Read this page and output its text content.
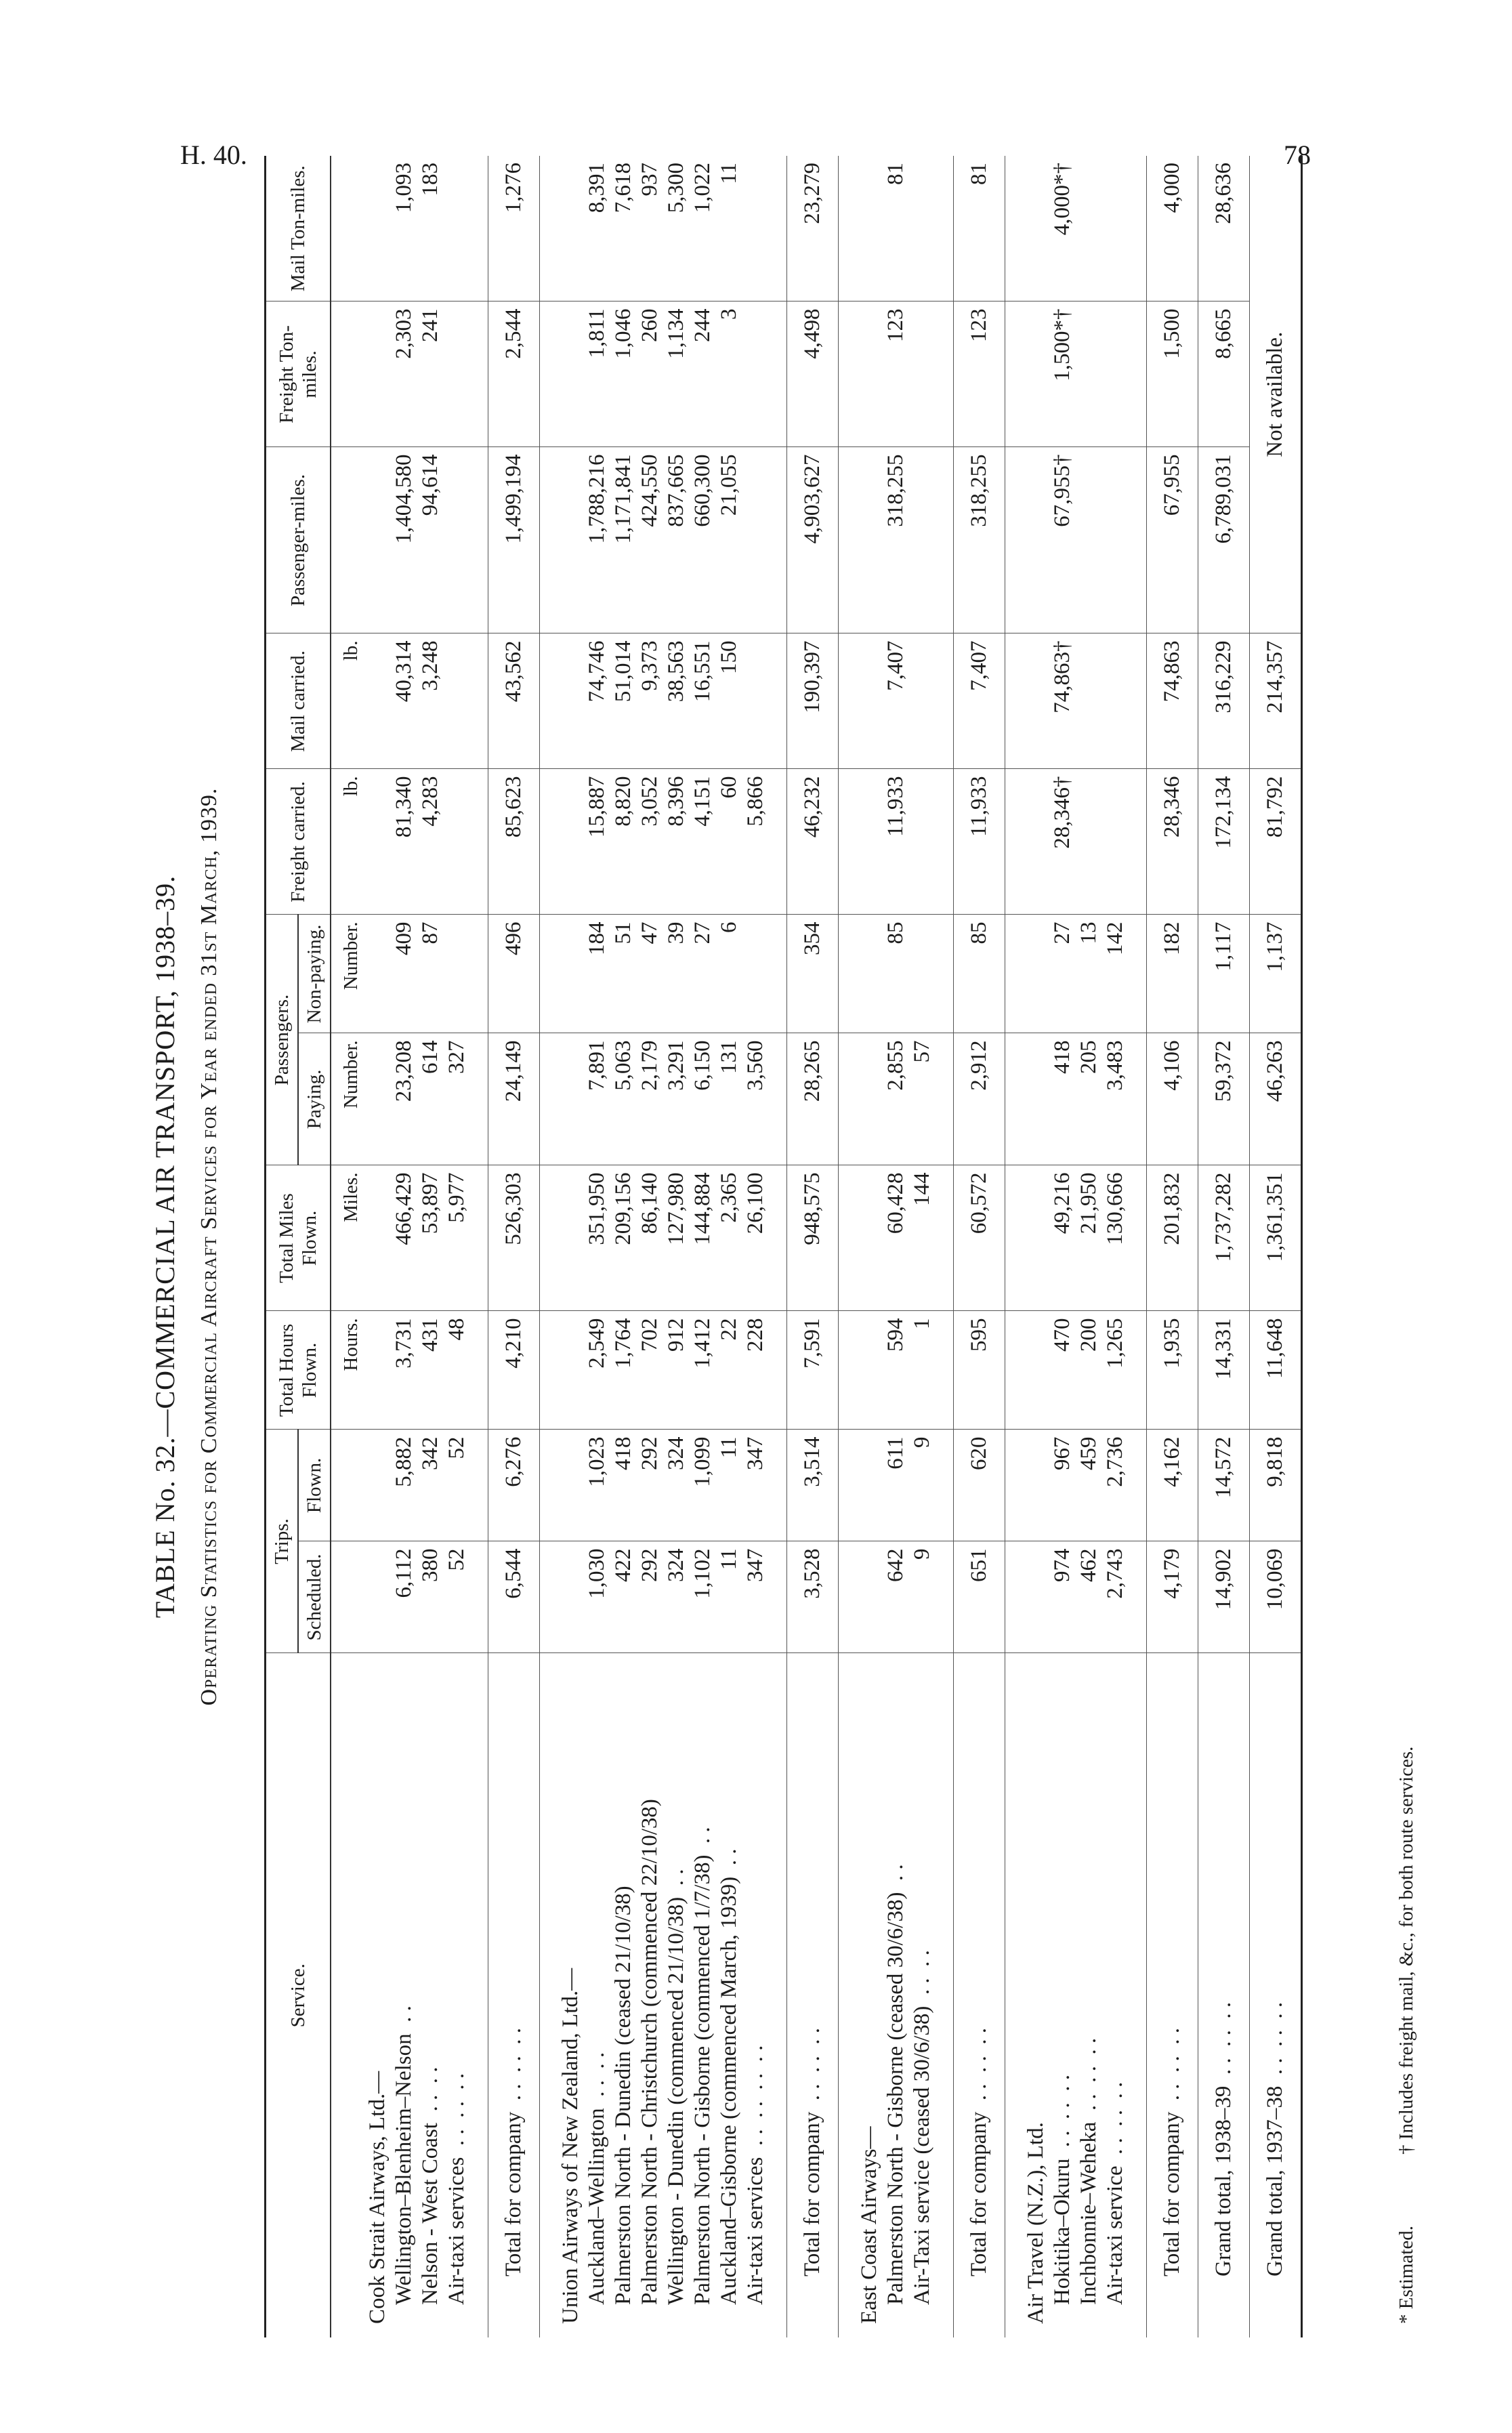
H. 40.	78
TABLE No. 32.—COMMERCIAL AIR TRANSPORT, 1938–39. Operating Statistics for Commercial Aircraft Services for Year ended 31st March, 1939.
Service.	Trips.		Total Hours Flown.	Total Miles Flown.	Passengers.		Freight carried.	Mail carried.	Passenger-miles.	Freight Ton-miles.	Mail Ton-miles.
	Scheduled.	Flown.			Paying.	Non-paying.					
			Hours.	Miles.	Number.	Number.	lb.	lb.			
Cook Strait Airways, Ltd.—											
Wellington–Blenheim–Nelson  . .	6,112	5,882	3,731	466,429	23,208	409	81,340	40,314	1,404,580	2,303	1,093
Nelson - West Coast  . .  . .	380	342	431	53,897	614	87	4,283	3,248	94,614	241	183
Air-taxi services  . .  . .  . .	52	52	48	5,977	327						

Total for company  . .  . .  . .	6,544	6,276	4,210	526,303	24,149	496	85,623	43,562	1,499,194	2,544	1,276

Union Airways of New Zealand, Ltd.—											
Auckland–Wellington  . .  . .	1,030	1,023	2,549	351,950	7,891	184	15,887	74,746	1,788,216	1,811	8,391
Palmerston North - Dunedin (ceased 21/10/38)	422	418	1,764	209,156	5,063	51	8,820	51,014	1,171,841	1,046	7,618
Palmerston North - Christchurch (commenced 22/10/38)	292	292	702	86,140	2,179	47	3,052	9,373	424,550	260	937
Wellington - Dunedin (commenced 21/10/38)  . .	324	324	912	127,980	3,291	39	8,396	38,563	837,665	1,134	5,300
Palmerston North - Gisborne (commenced 1/7/38)  . .	1,102	1,099	1,412	144,884	6,150	27	4,151	16,551	660,300	244	1,022
Auckland–Gisborne (commenced March, 1939)  . .	11	11	22	2,365	131	6	60	150	21,055	3	11
Air-taxi services  . .  . .  . .  . .	347	347	228	26,100	3,560		5,866				

Total for company  . .  . .  . .	3,528	3,514	7,591	948,575	28,265	354	46,232	190,397	4,903,627	4,498	23,279

East Coast Airways—											
Palmerston North - Gisborne (ceased 30/6/38)  . .	642	611	594	60,428	2,855	85	11,933	7,407	318,255	123	81
Air-Taxi service (ceased 30/6/38)  . .  . .	9	9	1	144	57						

Total for company  . .  . .  . .	651	620	595	60,572	2,912	85	11,933	7,407	318,255	123	81

Air Travel (N.Z.), Ltd.											
Hokitika–Okuru  . .  . .  . .	974	967	470	49,216	418	27	28,346†	74,863†	67,955†	1,500*†	4,000*†
Inchbonnie–Weheka  . .  . .  . .	462	459	200	21,950	205	13					
Air-taxi service  . .  . .  . .	2,743	2,736	1,265	130,666	3,483	142					

Total for company  . .  . .  . .	4,179	4,162	1,935	201,832	4,106	182	28,346	74,863	67,955	1,500	4,000
Grand total, 1938–39  . .  . .  . .	14,902	14,572	14,331	1,737,282	59,372	1,117	172,134	316,229	6,789,031	8,665	28,636
Grand total, 1937–38  . .  . .  . .	10,069	9,818	11,648	1,361,351	46,263	1,137	81,792	214,357	Not available.		
* Estimated.
† Includes freight mail, &c., for both route services.
